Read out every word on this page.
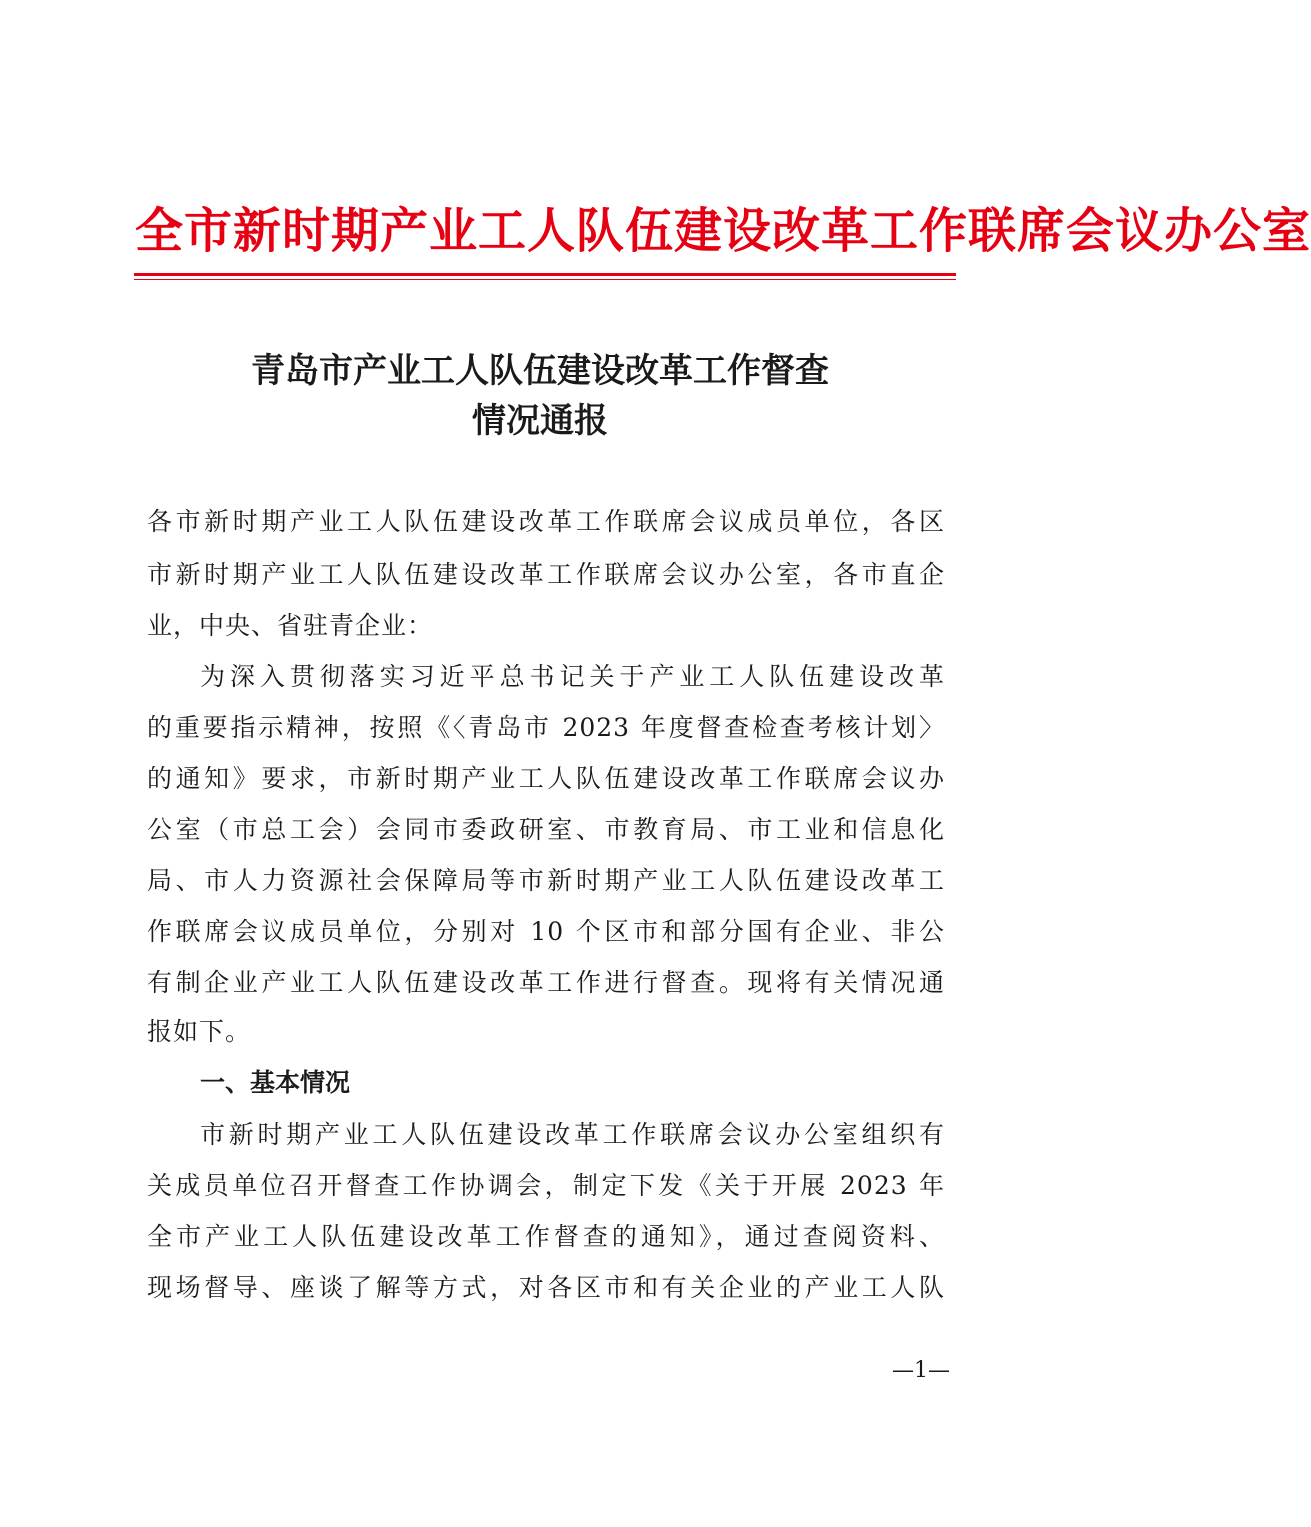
全市新时期产业工人队伍建设改革工作联席会议办公室
青岛市产业工人队伍建设改革工作督查
情况通报
各市新时期产业工人队伍建设改革工作联席会议成员单位，各区
市新时期产业工人队伍建设改革工作联席会议办公室，各市直企
业，中央、省驻青企业：
为深入贯彻落实习近平总书记关于产业工人队伍建设改革
的重要指示精神，按照《〈青岛市 2023 年度督查检查考核计划〉
的通知》要求，市新时期产业工人队伍建设改革工作联席会议办
公室（市总工会）会同市委政研室、市教育局、市工业和信息化
局、市人力资源社会保障局等市新时期产业工人队伍建设改革工
作联席会议成员单位，分别对 10 个区市和部分国有企业、非公
有制企业产业工人队伍建设改革工作进行督查。现将有关情况通
报如下。
一、基本情况
市新时期产业工人队伍建设改革工作联席会议办公室组织有
关成员单位召开督查工作协调会，制定下发《关于开展 2023 年
全市产业工人队伍建设改革工作督查的通知》，通过查阅资料、
现场督导、座谈了解等方式，对各区市和有关企业的产业工人队
—1—
